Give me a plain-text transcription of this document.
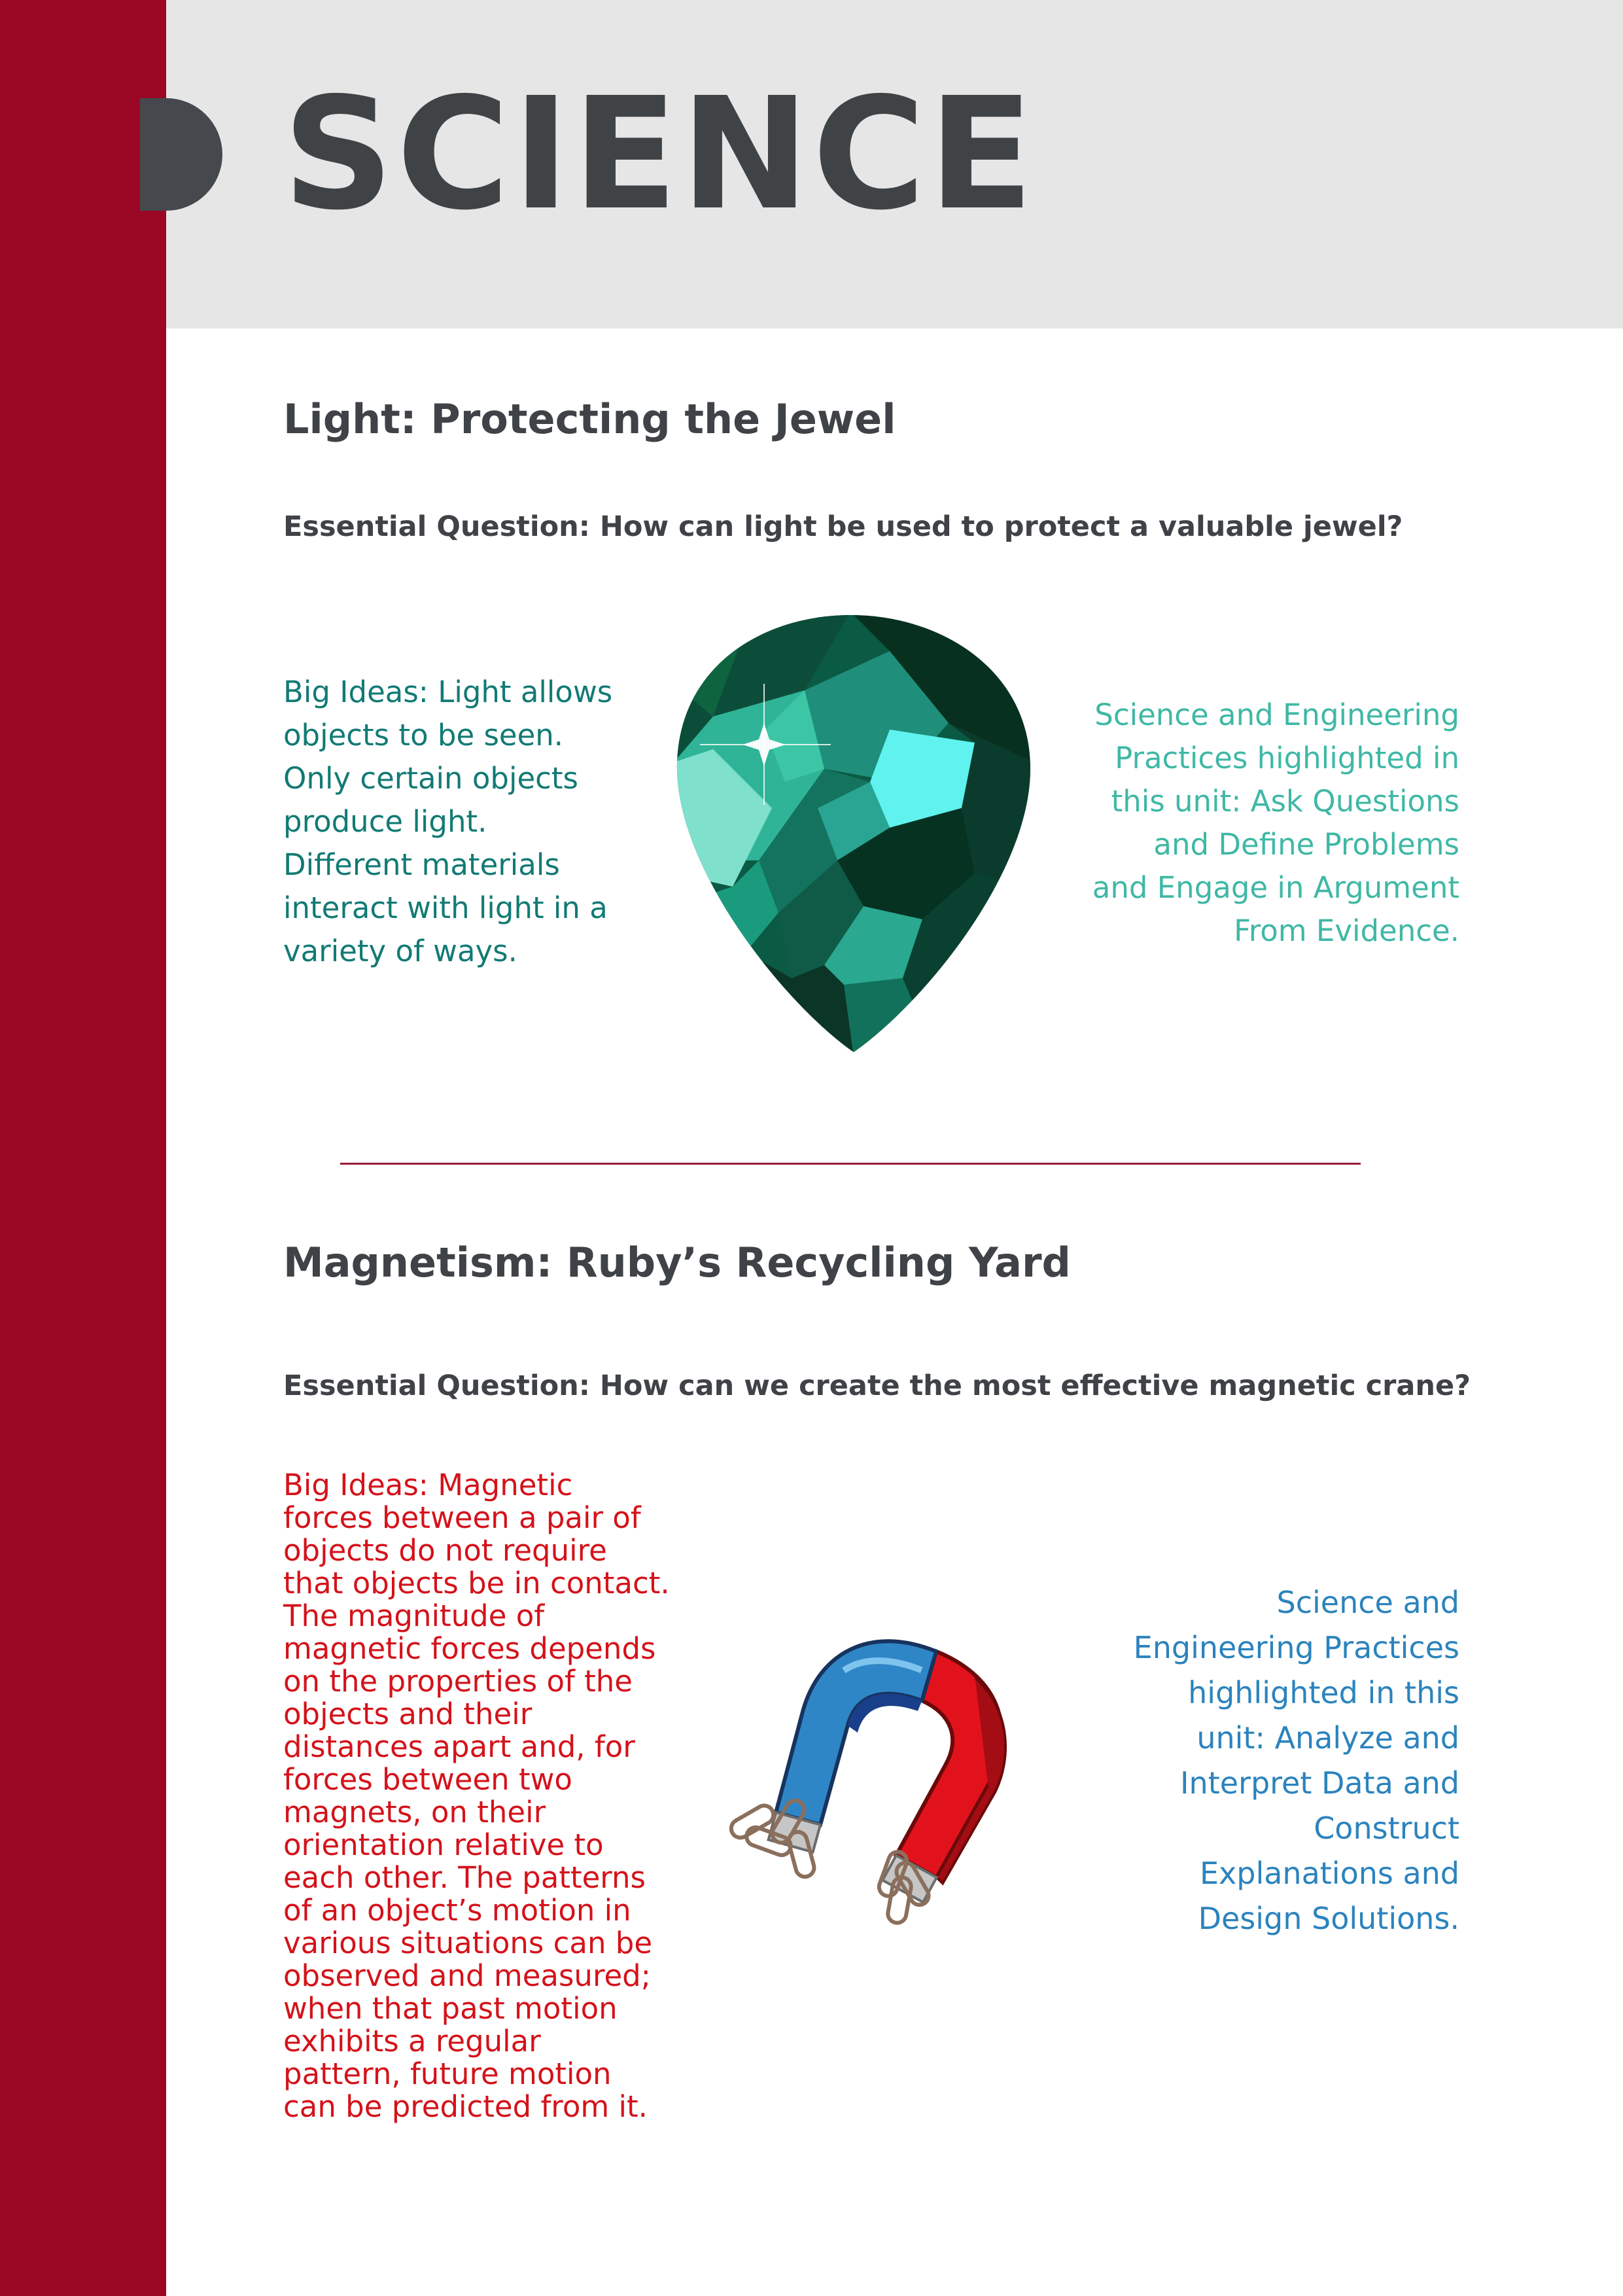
SCIENCE
Light: Protecting the Jewel

Essential Question: How can light be used to protect a valuable jewel?

Big Ideas: Light allows
objects to be seen.
Only certain objects
produce light.
Different materials
interact with light in a
variety of ways.

Science and Engineering
Practices highlighted in
this unit: Ask Questions
and Define Problems
and Engage in Argument
From Evidence.

Magnetism: Ruby’s Recycling Yard

Essential Question: How can we create the most effective magnetic crane?

Big Ideas: Magnetic
forces between a pair of
objects do not require
that objects be in contact.
The magnitude of
magnetic forces depends
on the properties of the
objects and their
distances apart and, for
forces between two
magnets, on their
orientation relative to
each other. The patterns
of an object’s motion in
various situations can be
observed and measured;
when that past motion
exhibits a regular
pattern, future motion
can be predicted from it.

Science and
Engineering Practices
highlighted in this
unit: Analyze and
Interpret Data and
Construct
Explanations and
Design Solutions.
